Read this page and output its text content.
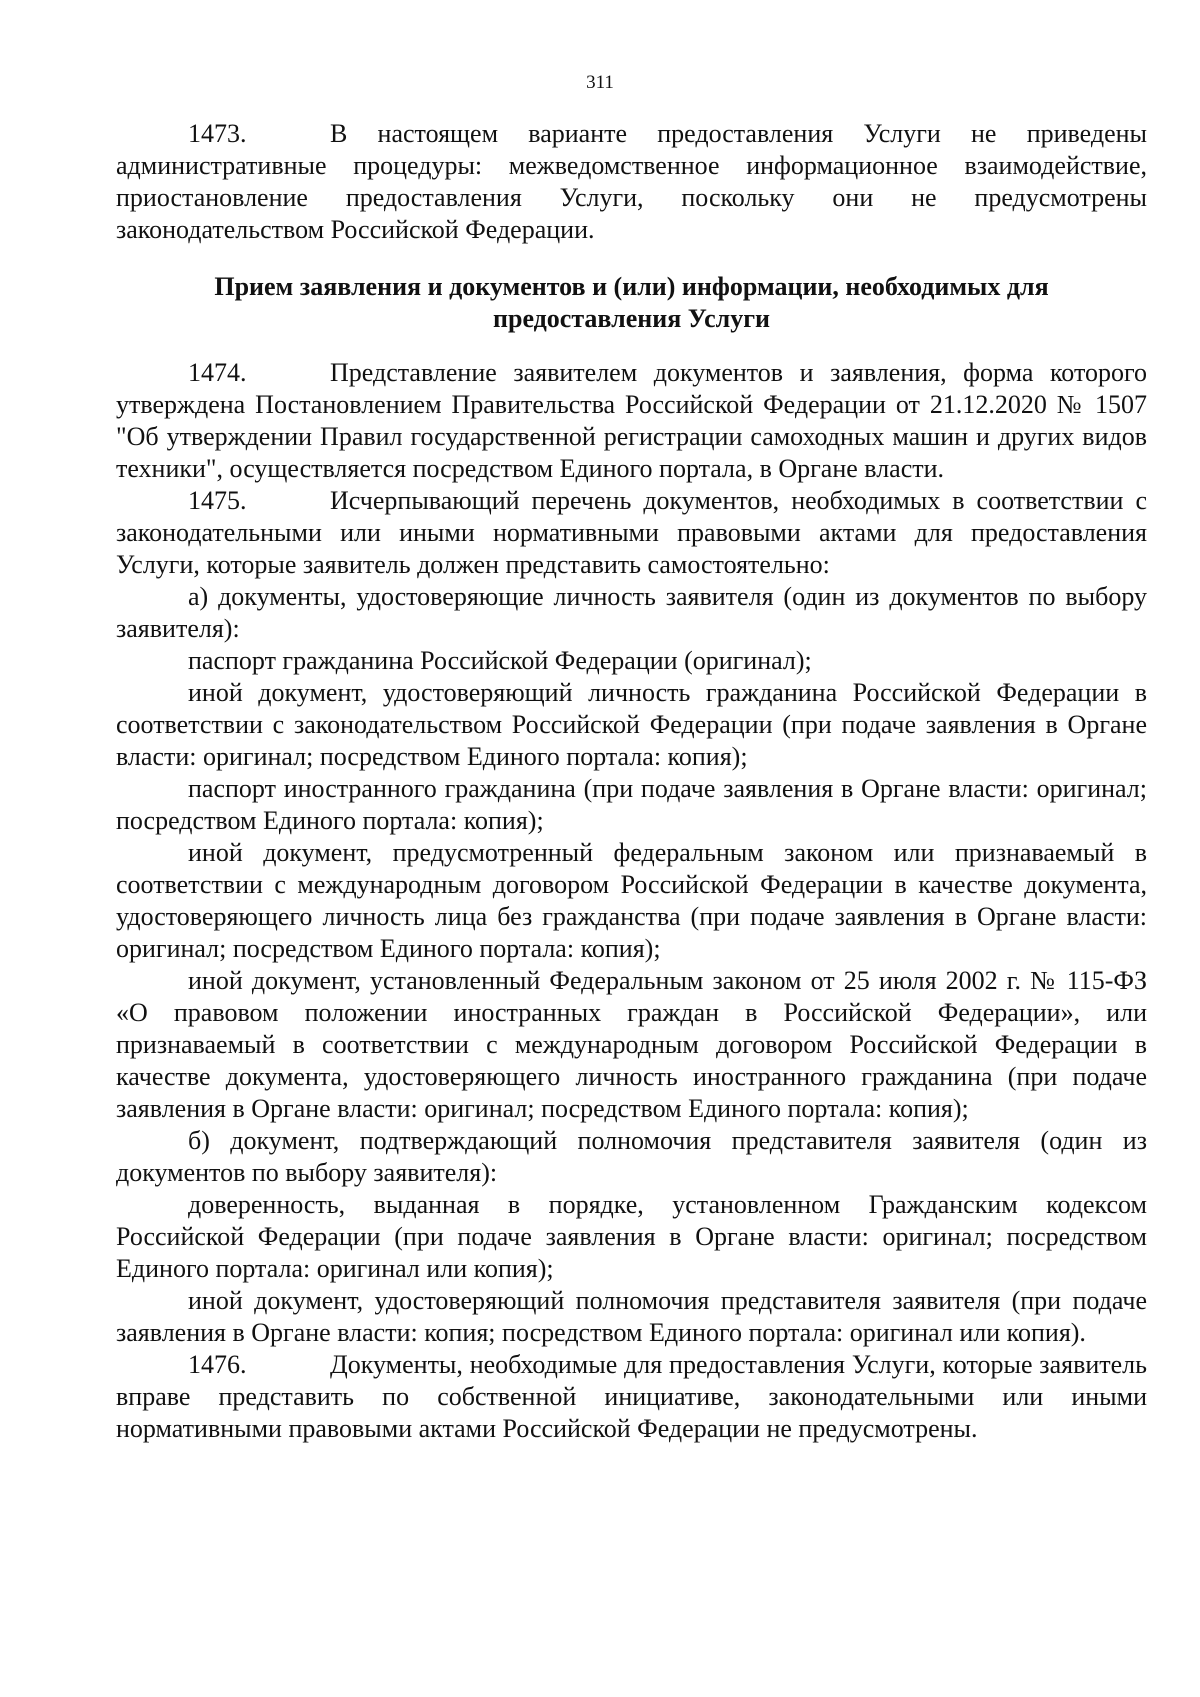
311

1473.	В настоящем варианте предоставления Услуги не приведены административные процедуры: межведомственное информационное взаимодействие, приостановление предоставления Услуги, поскольку они не предусмотрены законодательством Российской Федерации.

Прием заявления и документов и (или) информации, необходимых для предоставления Услуги

1474.	Представление заявителем документов и заявления, форма которого утверждена Постановлением Правительства Российской Федерации от 21.12.2020 № 1507 "Об утверждении Правил государственной регистрации самоходных машин и других видов техники", осуществляется посредством Единого портала, в Органе власти.

1475.	Исчерпывающий перечень документов, необходимых в соответствии с законодательными или иными нормативными правовыми актами для предоставления Услуги, которые заявитель должен представить самостоятельно:

а) документы, удостоверяющие личность заявителя (один из документов по выбору заявителя):

паспорт гражданина Российской Федерации (оригинал);

иной документ, удостоверяющий личность гражданина Российской Федерации в соответствии с законодательством Российской Федерации (при подаче заявления в Органе власти: оригинал; посредством Единого портала: копия);

паспорт иностранного гражданина (при подаче заявления в Органе власти: оригинал; посредством Единого портала: копия);

иной документ, предусмотренный федеральным законом или признаваемый в соответствии с международным договором Российской Федерации в качестве документа, удостоверяющего личность лица без гражданства (при подаче заявления в Органе власти: оригинал; посредством Единого портала: копия);

иной документ, установленный Федеральным законом от 25 июля 2002 г. № 115-ФЗ «О правовом положении иностранных граждан в Российской Федерации», или признаваемый в соответствии с международным договором Российской Федерации в качестве документа, удостоверяющего личность иностранного гражданина (при подаче заявления в Органе власти: оригинал; посредством Единого портала: копия);

б) документ, подтверждающий полномочия представителя заявителя (один из документов по выбору заявителя):

доверенность, выданная в порядке, установленном Гражданским кодексом Российской Федерации (при подаче заявления в Органе власти: оригинал; посредством Единого портала: оригинал или копия);

иной документ, удостоверяющий полномочия представителя заявителя (при подаче заявления в Органе власти: копия; посредством Единого портала: оригинал или копия).

1476.	Документы, необходимые для предоставления Услуги, которые заявитель вправе представить по собственной инициативе, законодательными или иными нормативными правовыми актами Российской Федерации не предусмотрены.
